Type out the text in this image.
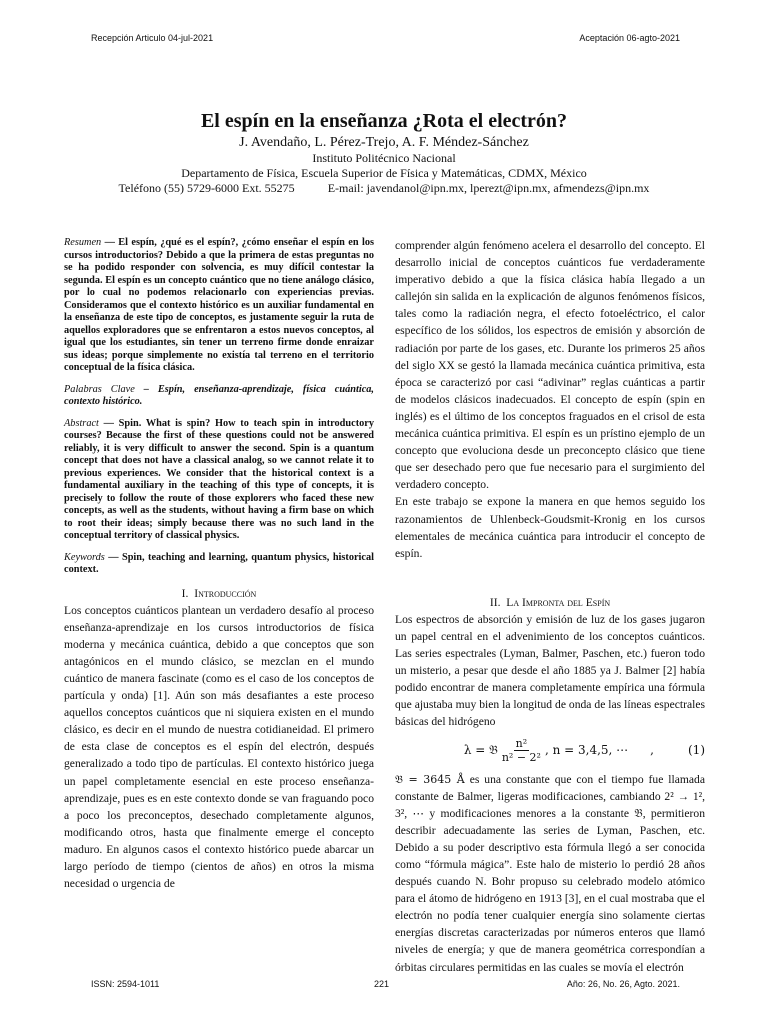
Recepción Articulo 04-jul-2021	Aceptación 06-agto-2021
El espín en la enseñanza ¿Rota el electrón?
J. Avendaño, L. Pérez-Trejo, A. F. Méndez-Sánchez
Instituto Politécnico Nacional
Departamento de Física, Escuela Superior de Física y Matemáticas, CDMX, México
Teléfono (55) 5729-6000 Ext. 55275	E-mail: javendanol@ipn.mx, lperezt@ipn.mx, afmendezs@ipn.mx

Resumen — El espín, ¿qué es el espín?, ¿cómo enseñar el espín en los cursos introductorios? Debido a que la primera de estas preguntas no se ha podido responder con solvencia, es muy difícil contestar la segunda. El espín es un concepto cuántico que no tiene análogo clásico, por lo cual no podemos relacionarlo con experiencias previas. Consideramos que el contexto histórico es un auxiliar fundamental en la enseñanza de este tipo de conceptos, es justamente seguir la ruta de aquellos exploradores que se enfrentaron a estos nuevos conceptos, al igual que los estudiantes, sin tener un terreno firme donde enraizar sus ideas; porque simplemente no existía tal terreno en el territorio conceptual de la física clásica.

Palabras Clave – Espín, enseñanza-aprendizaje, física cuántica, contexto histórico.

Abstract — Spin. What is spin? How to teach spin in introductory courses? Because the first of these questions could not be answered reliably, it is very difficult to answer the second. Spin is a quantum concept that does not have a classical analog, so we cannot relate it to previous experiences. We consider that the historical context is a fundamental auxiliary in the teaching of this type of concepts, it is precisely to follow the route of those explorers who faced these new concepts, as well as the students, without having a firm base on which to root their ideas; simply because there was no such land in the conceptual territory of classical physics.

Keywords — Spin, teaching and learning, quantum physics, historical context.

I. Introducción

Los conceptos cuánticos plantean un verdadero desafío al proceso enseñanza-aprendizaje en los cursos introductorios de física moderna y mecánica cuántica, debido a que conceptos que son antagónicos en el mundo clásico, se mezclan en el mundo cuántico de manera fascinate (como es el caso de los conceptos de partícula y onda) [1]. Aún son más desafiantes a este proceso aquellos conceptos cuánticos que ni siquiera existen en el mundo clásico, es decir en el mundo de nuestra cotidianeidad. El primero de esta clase de conceptos es el espín del electrón, después generalizado a todo tipo de partículas. El contexto histórico juega un papel completamente esencial en este proceso enseñanza-aprendizaje, pues es en este contexto donde se van fraguando poco a poco los preconceptos, desechado completamente algunos, modificando otros, hasta que finalmente emerge el concepto maduro. En algunos casos el contexto histórico puede abarcar un largo período de tiempo (cientos de años) en otros la misma necesidad o urgencia de

comprender algún fenómeno acelera el desarrollo del concepto. El desarrollo inicial de conceptos cuánticos fue verdaderamente imperativo debido a que la física clásica había llegado a un callejón sin salida en la explicación de algunos fenómenos físicos, tales como la radiación negra, el efecto fotoeléctrico, el calor específico de los sólidos, los espectros de emisión y absorción de radiación por parte de los gases, etc. Durante los primeros 25 años del siglo XX se gestó la llamada mecánica cuántica primitiva, esta época se caracterizó por casi “adivinar” reglas cuánticas a partir de modelos clásicos inadecuados. El concepto de espín (spin en inglés) es el último de los conceptos fraguados en el crisol de esta mecánica cuántica primitiva. El espín es un prístino ejemplo de un concepto que evoluciona desde un preconcepto clásico que tiene que ser desechado pero que fue necesario para el surgimiento del verdadero concepto.

En este trabajo se expone la manera en que hemos seguido los razonamientos de Uhlenbeck-Goudsmit-Kronig en los cursos elementales de mecánica cuántica para introducir el concepto de espín.

II. La Impronta del Espín

Los espectros de absorción y emisión de luz de los gases jugaron un papel central en el advenimiento de los conceptos cuánticos. Las series espectrales (Lyman, Balmer, Paschen, etc.) fueron todo un misterio, a pesar que desde el año 1885 ya J. Balmer [2] había podido encontrar de manera completamente empírica una fórmula que ajustaba muy bien la longitud de onda de las líneas espectrales básicas del hidrógeno

λ = 𝔅 $\frac{\text{n²}}{\text{n² − 2²}}$ , n = 3,4,5, ⋯ ,	(1)

𝔅 = 3645 Å es una constante que con el tiempo fue llamada constante de Balmer, ligeras modificaciones, cambiando 2² → 1², 3², ⋯ y modificaciones menores a la constante 𝔅, permitieron describir adecuadamente las series de Lyman, Paschen, etc. Debido a su poder descriptivo esta fórmula llegó a ser conocida como “fórmula mágica”. Este halo de misterio lo perdió 28 años después cuando N. Bohr propuso su celebrado modelo atómico para el átomo de hidrógeno en 1913 [3], en el cual mostraba que el electrón no podía tener cualquier energía sino solamente ciertas energías discretas caracterizadas por números enteros que llamó niveles de energía; y que de manera geométrica correspondían a órbitas circulares permitidas en las cuales se movía el electrón

ISSN: 2594-1011	221	Año: 26, No. 26, Agto. 2021.
